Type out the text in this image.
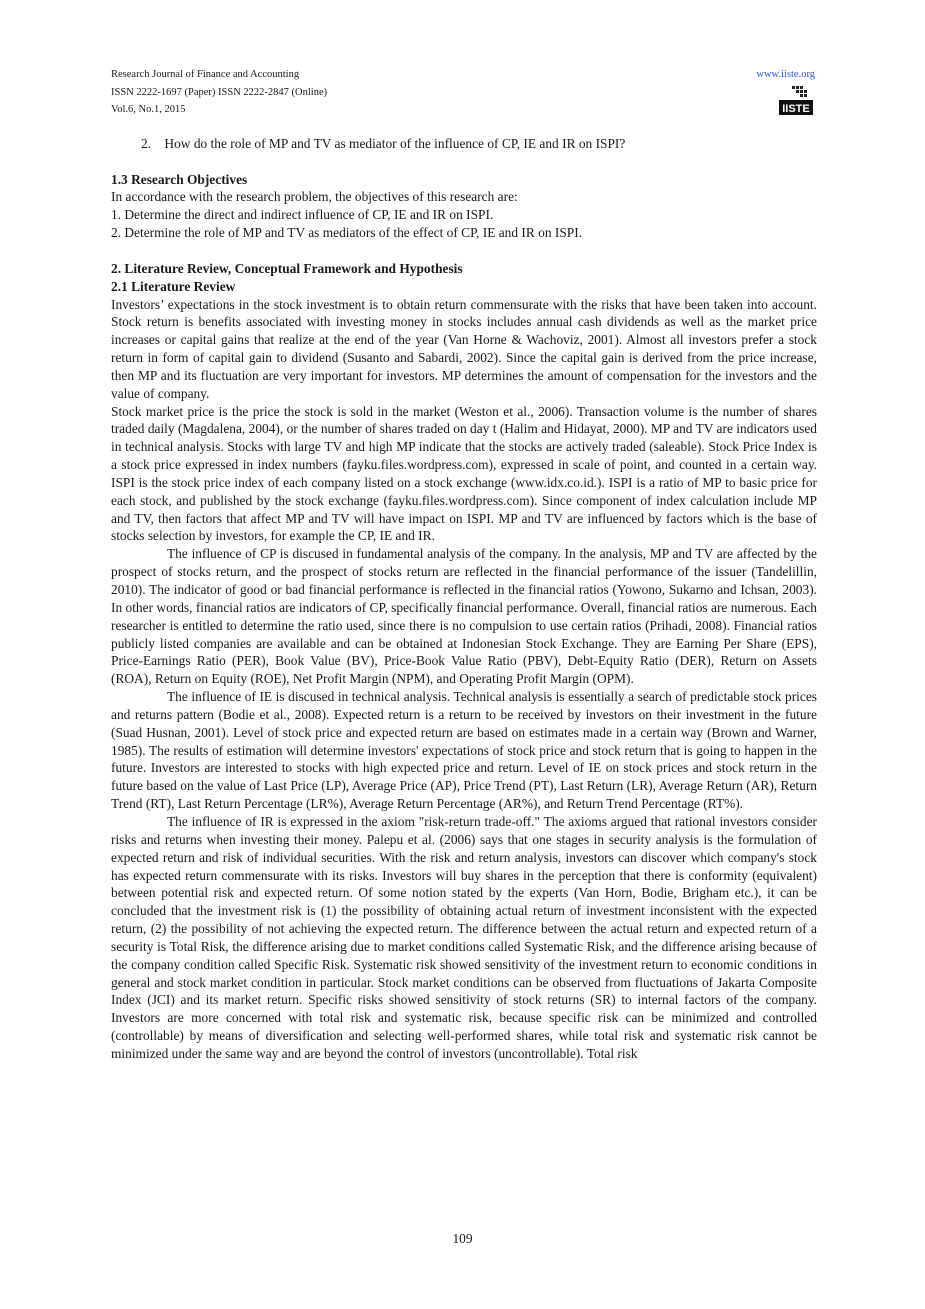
Research Journal of Finance and Accounting
ISSN 2222-1697 (Paper) ISSN 2222-2847 (Online)
Vol.6, No.1, 2015
www.iiste.org
IISTE

2.    How do the role of MP and TV as mediator of the influence of CP, IE and IR on ISPI?

1.3 Research Objectives

In accordance with the research problem, the objectives of this research are:

1. Determine the direct and indirect influence of CP, IE and IR on ISPI.

2. Determine the role of MP and TV as mediators of the effect of CP, IE and IR on ISPI.

2. Literature Review, Conceptual Framework and Hypothesis

2.1 Literature Review

Investors’ expectations in the stock investment is to obtain return commensurate with the risks that have been taken into account. Stock return is benefits associated with investing money in stocks includes annual cash dividends as well as the market price increases or capital gains that realize at the end of the year (Van Horne & Wachoviz, 2001). Almost all investors prefer a stock return in form of capital gain to dividend (Susanto and Sabardi, 2002). Since the capital gain is derived from the price increase, then MP and its fluctuation are very important for investors. MP determines the amount of compensation for the investors and the value of company.

Stock market price is the price the stock is sold in the market (Weston et al., 2006). Transaction volume is the number of shares traded daily (Magdalena, 2004), or the number of shares traded on day t (Halim and Hidayat, 2000). MP and TV are indicators used in technical analysis. Stocks with large TV and high MP indicate that the stocks are actively traded (saleable). Stock Price Index is a stock price expressed in index numbers (fayku.files.wordpress.com), expressed in scale of point, and counted in a certain way. ISPI is the stock price index of each company listed on a stock exchange (www.idx.co.id.). ISPI is a ratio of MP to basic price for each stock, and published by the stock exchange (fayku.files.wordpress.com). Since component of index calculation include MP and TV, then factors that affect MP and TV will have impact on ISPI. MP and TV are influenced by factors which is the base of stocks selection by investors, for example the CP, IE and IR.

The influence of CP is discused in fundamental analysis of the company. In the analysis, MP and TV are affected by the prospect of stocks return, and the prospect of stocks return are reflected in the financial performance of the issuer (Tandelillin, 2010). The indicator of good or bad financial performance is reflected in the financial ratios (Yowono, Sukarno and Ichsan, 2003). In other words, financial ratios are indicators of CP, specifically financial performance. Overall, financial ratios are numerous. Each researcher is entitled to determine the ratio used, since there is no compulsion to use certain ratios (Prihadi, 2008). Financial ratios publicly listed companies are available and can be obtained at Indonesian Stock Exchange. They are Earning Per Share (EPS), Price-Earnings Ratio (PER), Book Value (BV), Price-Book Value Ratio (PBV), Debt-Equity Ratio (DER), Return on Assets (ROA), Return on Equity (ROE), Net Profit Margin (NPM), and Operating Profit Margin (OPM).

The influence of IE is discused in technical analysis. Technical analysis is essentially a search of predictable stock prices and returns pattern (Bodie et al., 2008). Expected return is a return to be received by investors on their investment in the future (Suad Husnan, 2001). Level of stock price and expected return are based on estimates made in a certain way (Brown and Warner, 1985). The results of estimation will determine investors' expectations of stock price and stock return that is going to happen in the future. Investors are interested to stocks with high expected price and return. Level of IE on stock prices and stock return in the future based on the value of Last Price (LP), Average Price (AP), Price Trend (PT), Last Return (LR), Average Return (AR), Return Trend (RT), Last Return Percentage (LR%), Average Return Percentage (AR%), and Return Trend Percentage (RT%).

The influence of IR is expressed in the axiom "risk-return trade-off." The axioms argued that rational investors consider risks and returns when investing their money. Palepu et al. (2006) says that one stages in security analysis is the formulation of expected return and risk of individual securities. With the risk and return analysis, investors can discover which company's stock has expected return commensurate with its risks. Investors will buy shares in the perception that there is conformity (equivalent) between potential risk and expected return. Of some notion stated by the experts (Van Horn, Bodie, Brigham etc.), it can be concluded that the investment risk is (1) the possibility of obtaining actual return of investment inconsistent with the expected return, (2) the possibility of not achieving the expected return. The difference between the actual return and expected return of a security is Total Risk, the difference arising due to market conditions called Systematic Risk, and the difference arising because of the company condition called Specific Risk. Systematic risk showed sensitivity of the investment return to economic conditions in general and stock market condition in particular. Stock market conditions can be observed from fluctuations of Jakarta Composite Index (JCI) and its market return. Specific risks showed sensitivity of stock returns (SR) to internal factors of the company. Investors are more concerned with total risk and systematic risk, because specific risk can be minimized and controlled (controllable) by means of diversification and selecting well-performed shares, while total risk and systematic risk cannot be minimized under the same way and are beyond the control of investors (uncontrollable). Total risk

109
